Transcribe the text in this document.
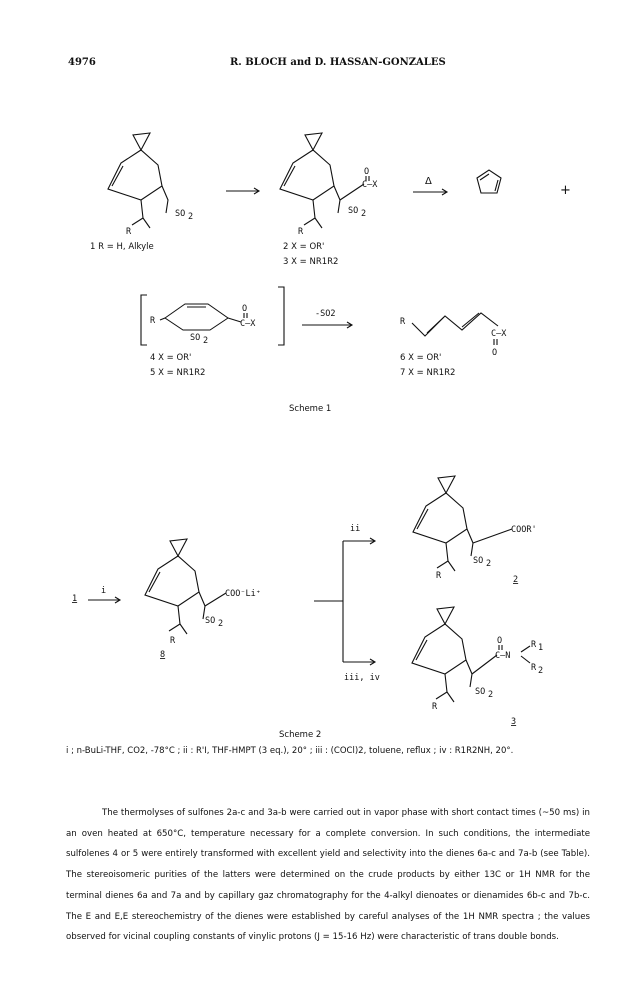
4976	R. BLOCH and D. HASSAN-GONZALES
SO 2
R
C—X
O
SO 2
R
Δ
+
R
SO 2
C—X
O	-SO2
R
C—X
O
1
i	COO⁻Li⁺
SO 2
R
8
ii
iii, iv
COOR'
SO 2
R	2
C—N
O	R 1
R 2
SO 2
R
3
1 R = H, Alkyle	2 X = OR'
3 X = NR1R2
4 X = OR'
5 X = NR1R2
6 X = OR'
7 X = NR1R2
Scheme 1
Scheme 2
i ; n-BuLi-THF, CO2, -78°C ; ii : R'I, THF-HMPT (3 eq.), 20° ; iii : (COCl)2, toluene, reflux ; iv : R1R2NH, 20°.

The thermolyses of sulfones 2a-c and 3a-b were carried out in vapor phase with short contact times (~50 ms) in an oven heated at 650°C, temperature necessary for a complete conversion. In such conditions, the intermediate sulfolenes 4 or 5 were entirely transformed with excellent yield and selectivity into the dienes 6a-c and 7a-b (see Table). The stereoisomeric purities of the latters were determined on the crude products by either 13C or 1H NMR for the terminal dienes 6a and 7a and by capillary gaz chromatography for the 4-alkyl dienoates or dienamides 6b-c and 7b-c. The E and E,E stereochemistry of the dienes were established by careful analyses of the 1H NMR spectra ; the values observed for vicinal coupling constants of vinylic protons (J = 15-16 Hz) were characteristic of trans double bonds.
